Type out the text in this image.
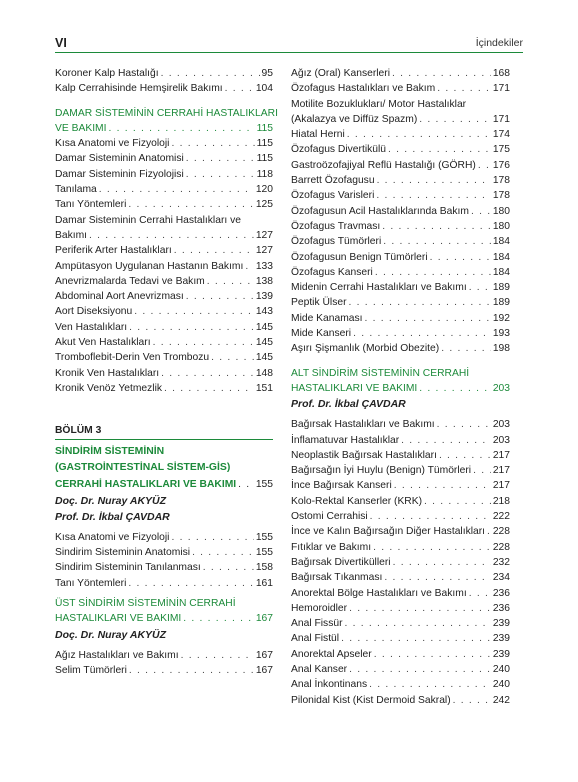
VI	İçindekiler
Koroner Kalp Hastalığı . . .	95
Kalp Cerrahisinde Hemşirelik Bakımı . . .	104
DAMAR SİSTEMİNİN CERRAHİ HASTALIKLARI
VE BAKIMI . . .	115
Kısa Anatomi ve Fizyoloji . . .	115
Damar Sisteminin Anatomisi . . .	115
Damar Sisteminin Fizyolojisi . . .	118
Tanılama . . .	120
Tanı Yöntemleri . . .	125
Damar Sisteminin Cerrahi Hastalıkları ve
Bakımı . . .	127
Periferik Arter Hastalıkları . . .	127
Ampütasyon Uygulanan Hastanın Bakımı . . . 133
Anevrizmalarda Tedavi ve Bakım . . .	138
Abdominal Aort Anevrizması . . .	139
Aort Diseksiyonu . . .	143
Ven Hastalıkları . . .	145
Akut Ven Hastalıkları . . .	145
Tromboflebit-Derin Ven Trombozu . . .	145
Kronik Ven Hastalıkları . . .	148
Kronik Venöz Yetmezlik . . .	151
BÖLÜM 3
SİNDİRİM SİSTEMİNİN
(GASTROİNTESTİNAL SİSTEM-GİS)
CERRAHİ HASTALIKLARI VE BAKIMI . . . 155
Doç. Dr. Nuray AKYÜZ
Prof. Dr. İkbal ÇAVDAR
Kısa Anatomi ve Fizyoloji . . .	155
Sindirim Sisteminin Anatomisi . . .	155
Sindirim Sisteminin Tanılanması . . .	158
Tanı Yöntemleri . . .	161
ÜST SİNDİRİM SİSTEMİNİN CERRAHİ
HASTALIKLARI VE BAKIMI . . .	167
Doç. Dr. Nuray AKYÜZ
Ağız Hastalıkları ve Bakımı . . .	167
Selim Tümörleri . . .	167
Ağız (Oral) Kanserleri . . .	168
Özofagus Hastalıkları ve Bakım . . .	171
Motilite Bozuklukları/ Motor Hastalıklar
(Akalazya ve Diffüz Spazm) . . .	171
Hiatal Herni . . .	174
Özofagus Divertikülü . . .	175
Gastroözofajiyal Reflü Hastalığı (GÖRH) . . . 176
Barrett Özofagusu . . .	178
Özofagus Varisleri . . .	178
Özofagusun Acil Hastalıklarında Bakım . . . 180
Özofagus Travması . . .	180
Özofagus Tümörleri . . .	184
Özofagusun Benign Tümörleri . . .	184
Özofagus Kanseri . . .	184
Midenin Cerrahi Hastalıkları ve Bakımı . . .	189
Peptik Ülser . . .	189
Mide Kanaması . . .	192
Mide Kanseri . . .	193
Aşırı Şişmanlık (Morbid Obezite) . . .	198
ALT SİNDİRİM SİSTEMİNİN CERRAHİ
HASTALIKLARI VE BAKIMI . . .	203
Prof. Dr. İkbal ÇAVDAR
Bağırsak Hastalıkları ve Bakımı . . .	203
İnflamatuvar Hastalıklar . . .	203
Neoplastik Bağırsak Hastalıkları . . .	217
Bağırsağın İyi Huylu (Benign) Tümörleri . . . 217
İnce Bağırsak Kanseri . . .	217
Kolo-Rektal Kanserler (KRK) . . .	218
Ostomi Cerrahisi . . .	222
İnce ve Kalın Bağırsağın Diğer Hastalıkları . . . 228
Fıtıklar ve Bakımı . . .	228
Bağırsak Divertikülleri . . .	232
Bağırsak Tıkanması . . .	234
Anorektal Bölge Hastalıkları ve Bakımı . . .	236
Hemoroidler . . .	236
Anal Fissür . . .	239
Anal Fistül . . .	239
Anorektal Apseler . . .	239
Anal Kanser . . .	240
Anal İnkontinans . . .	240
Pilonidal Kist (Kist Dermoid Sakral) . . .	242
